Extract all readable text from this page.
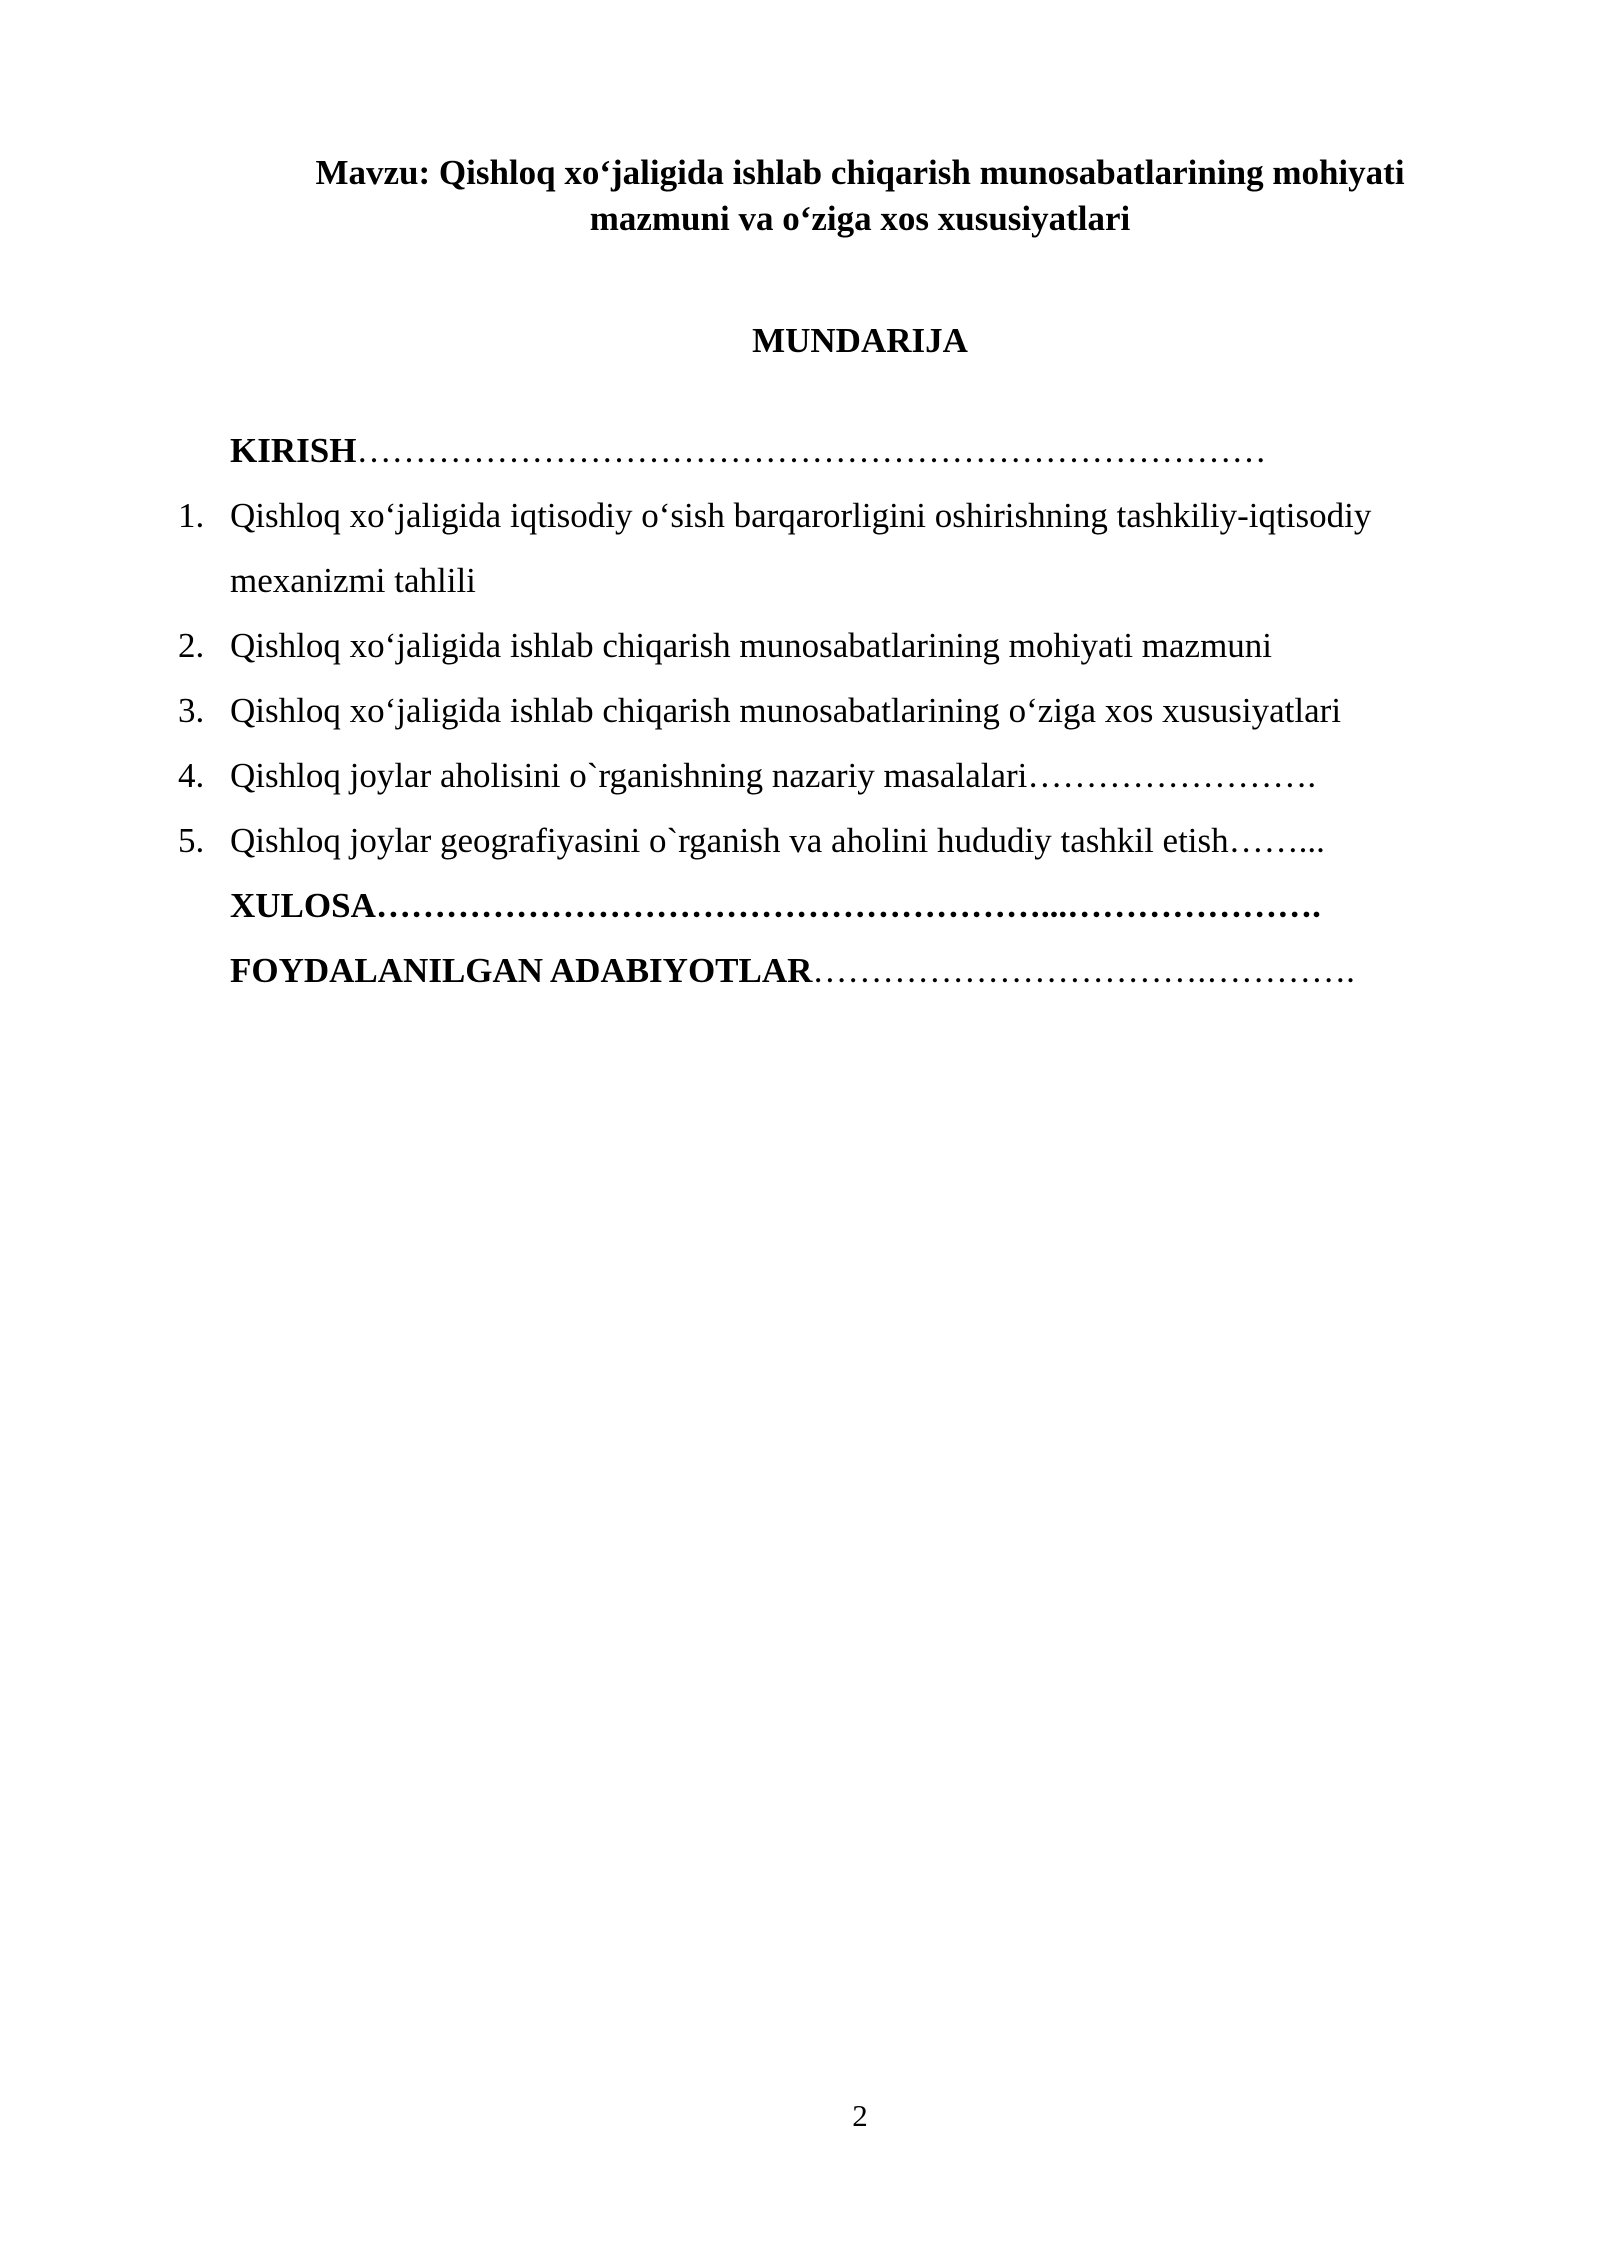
Mavzu: Qishloq xo‘jaligida ishlab chiqarish munosabatlarining mohiyati
mazmuni va o‘ziga xos xususiyatlari
MUNDARIJA
KIRISH……………………………………………………………………
1. Qishloq xo‘jaligida iqtisodiy o‘sish barqarorligini oshirishning tashkiliy-iqtisodiy
mexanizmi tahlili
2. Qishloq xo‘jaligida ishlab chiqarish munosabatlarining mohiyati mazmuni
3. Qishloq xo‘jaligida ishlab chiqarish munosabatlarining o‘ziga xos xususiyatlari
4. Qishloq joylar aholisini o`rganishning nazariy masalalari…………………….
5. Qishloq joylar geografiyasini o`rganish va aholini hududiy tashkil etish……...
XULOSA…………………………………………………...………………….
FOYDALANILGAN ADABIYOTLAR…………………………….………….
2
